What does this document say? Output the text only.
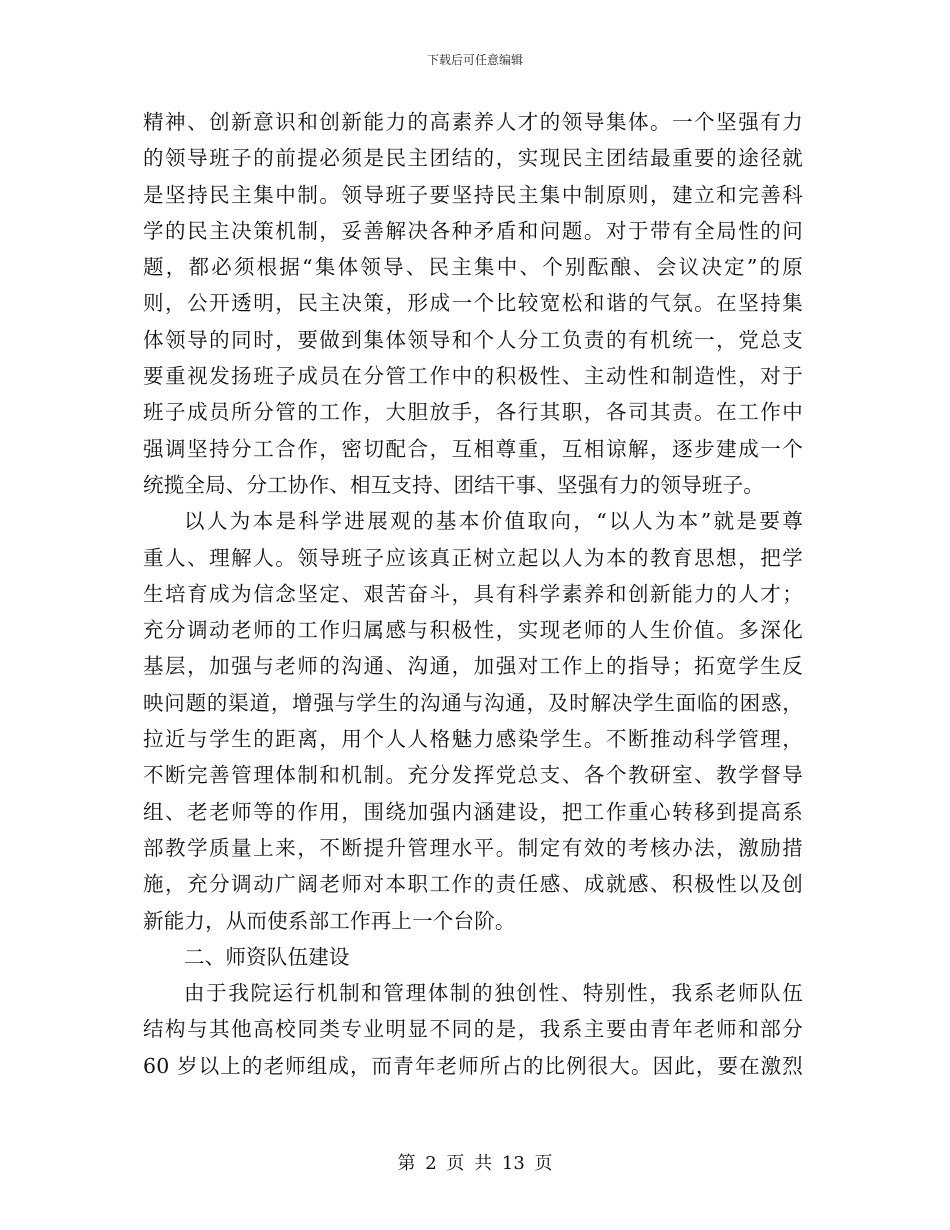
下载后可任意编辑
精神、创新意识和创新能力的高素养人才的领导集体。一个坚强有力
的领导班子的前提必须是民主团结的，实现民主团结最重要的途径就
是坚持民主集中制。领导班子要坚持民主集中制原则，建立和完善科
学的民主决策机制，妥善解决各种矛盾和问题。对于带有全局性的问
题，都必须根据“集体领导、民主集中、个别酝酿、会议决定”的原
则，公开透明，民主决策，形成一个比较宽松和谐的气氛。在坚持集
体领导的同时，要做到集体领导和个人分工负责的有机统一，党总支
要重视发扬班子成员在分管工作中的积极性、主动性和制造性，对于
班子成员所分管的工作，大胆放手，各行其职，各司其责。在工作中
强调坚持分工合作，密切配合，互相尊重，互相谅解，逐步建成一个
统揽全局、分工协作、相互支持、团结干事、坚强有力的领导班子。
以人为本是科学进展观的基本价值取向，“以人为本”就是要尊
重人、理解人。领导班子应该真正树立起以人为本的教育思想，把学
生培育成为信念坚定、艰苦奋斗，具有科学素养和创新能力的人才；
充分调动老师的工作归属感与积极性，实现老师的人生价值。多深化
基层，加强与老师的沟通、沟通，加强对工作上的指导；拓宽学生反
映问题的渠道，增强与学生的沟通与沟通，及时解决学生面临的困惑，
拉近与学生的距离，用个人人格魅力感染学生。不断推动科学管理，
不断完善管理体制和机制。充分发挥党总支、各个教研室、教学督导
组、老老师等的作用，围绕加强内涵建设，把工作重心转移到提高系
部教学质量上来，不断提升管理水平。制定有效的考核办法，激励措
施，充分调动广阔老师对本职工作的责任感、成就感、积极性以及创
新能力，从而使系部工作再上一个台阶。
二、师资队伍建设
由于我院运行机制和管理体制的独创性、特别性，我系老师队伍
结构与其他高校同类专业明显不同的是，我系主要由青年老师和部分
60 岁以上的老师组成，而青年老师所占的比例很大。因此，要在激烈
第 2 页 共 13 页
